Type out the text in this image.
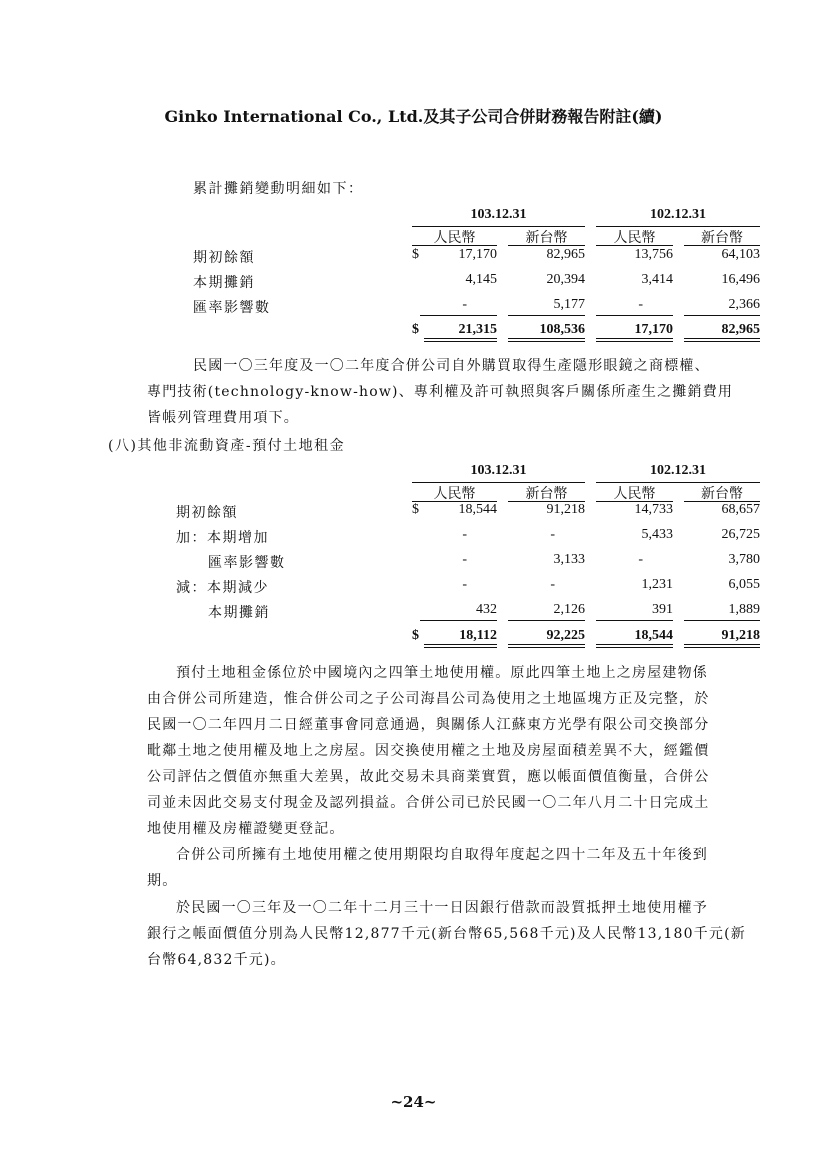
Ginko International Co., Ltd.及其子公司合併財務報告附註(續)
累計攤銷變動明細如下：
103.12.31	102.12.31
人民幣	新台幣	人民幣	新台幣
期初餘額	$	17,170	82,965	13,756	64,103
本期攤銷	4,145	20,394	3,414	16,496
匯率影響數	-	5,177	-	2,366
$	21,315	108,536	17,170	82,965
民國一〇三年度及一〇二年度合併公司自外購買取得生產隱形眼鏡之商標權、
專門技術(technology-know-how)、專利權及許可執照與客戶關係所產生之攤銷費用
皆帳列管理費用項下。
(八)其他非流動資產-預付土地租金
103.12.31	102.12.31
人民幣	新台幣	人民幣	新台幣
期初餘額	$	18,544	91,218	14,733	68,657
加：本期增加	-	-	5,433	26,725
匯率影響數	-	3,133	-	3,780
減：本期減少	-	-	1,231	6,055
本期攤銷	432	2,126	391	1,889
$	18,112	92,225	18,544	91,218
預付土地租金係位於中國境內之四筆土地使用權。原此四筆土地上之房屋建物係
由合併公司所建造，惟合併公司之子公司海昌公司為使用之土地區塊方正及完整，於
民國一〇二年四月二日經董事會同意通過，與關係人江蘇東方光學有限公司交換部分
毗鄰土地之使用權及地上之房屋。因交換使用權之土地及房屋面積差異不大，經鑑價
公司評估之價值亦無重大差異，故此交易未具商業實質，應以帳面價值衡量，合併公
司並未因此交易支付現金及認列損益。合併公司已於民國一〇二年八月二十日完成土
地使用權及房權證變更登記。
合併公司所擁有土地使用權之使用期限均自取得年度起之四十二年及五十年後到
期。
於民國一〇三年及一〇二年十二月三十一日因銀行借款而設質抵押土地使用權予
銀行之帳面價值分別為人民幣12,877千元(新台幣65,568千元)及人民幣13,180千元(新
台幣64,832千元)。
~24~
